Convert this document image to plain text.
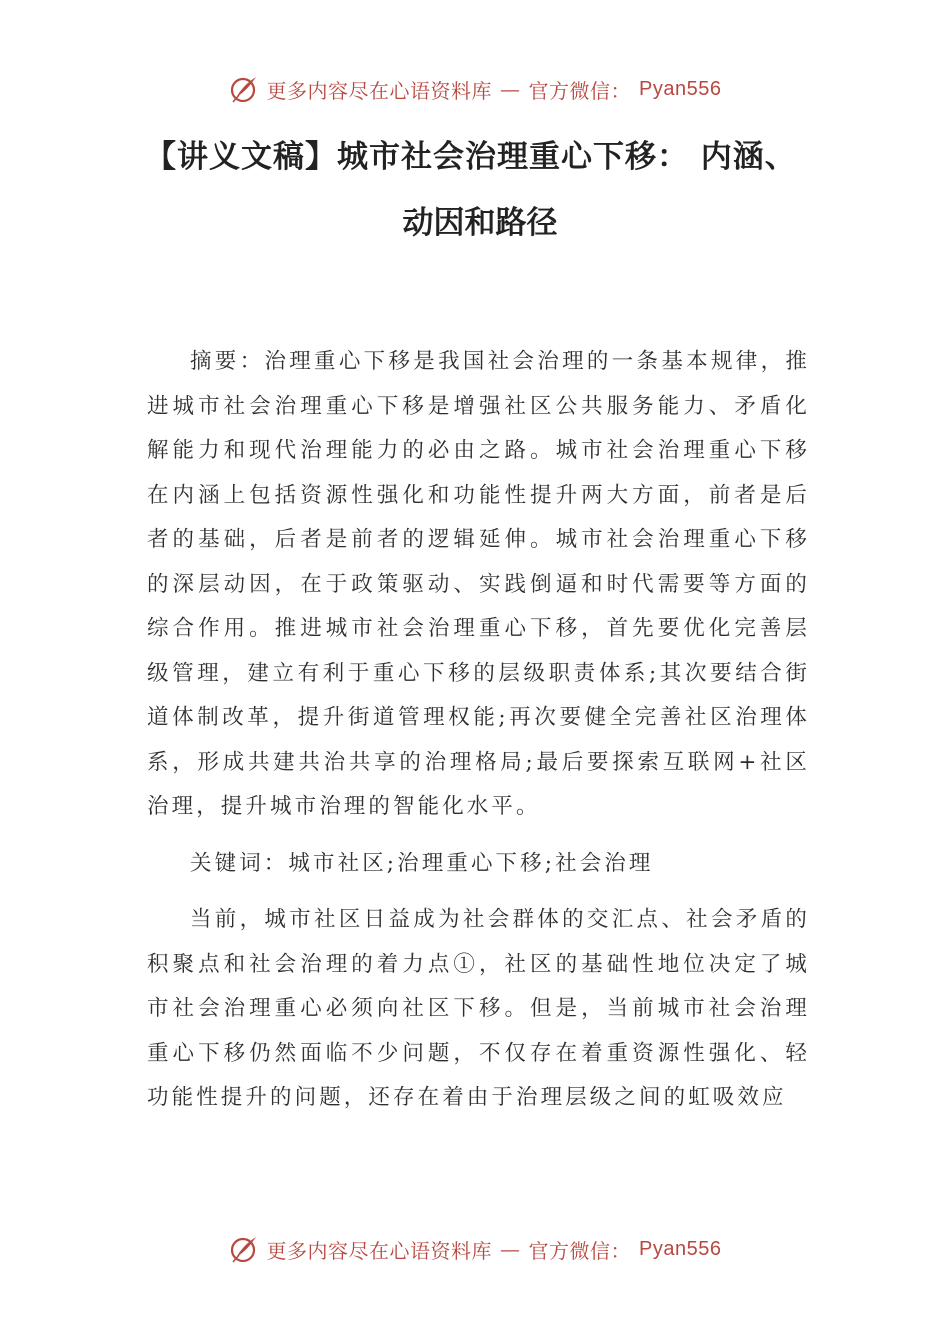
更多内容尽在心语资料库 — 官方微信： Pyan556
【讲义文稿】城市社会治理重心下移： 内涵、
动因和路径

摘要：治理重心下移是我国社会治理的一条基本规律，推进城市社会治理重心下移是增强社区公共服务能力、矛盾化解能力和现代治理能力的必由之路。城市社会治理重心下移在内涵上包括资源性强化和功能性提升两大方面，前者是后者的基础，后者是前者的逻辑延伸。城市社会治理重心下移的深层动因，在于政策驱动、实践倒逼和时代需要等方面的综合作用。推进城市社会治理重心下移，首先要优化完善层级管理，建立有利于重心下移的层级职责体系;其次要结合街道体制改革，提升街道管理权能;再次要健全完善社区治理体系，形成共建共治共享的治理格局;最后要探索互联网+社区治理，提升城市治理的智能化水平。

关键词：城市社区;治理重心下移;社会治理

当前，城市社区日益成为社会群体的交汇点、社会矛盾的积聚点和社会治理的着力点①，社区的基础性地位决定了城市社会治理重心必须向社区下移。但是，当前城市社会治理重心下移仍然面临不少问题，不仅存在着重资源性强化、轻功能性提升的问题，还存在着由于治理层级之间的虹吸效应

更多内容尽在心语资料库 — 官方微信： Pyan556
